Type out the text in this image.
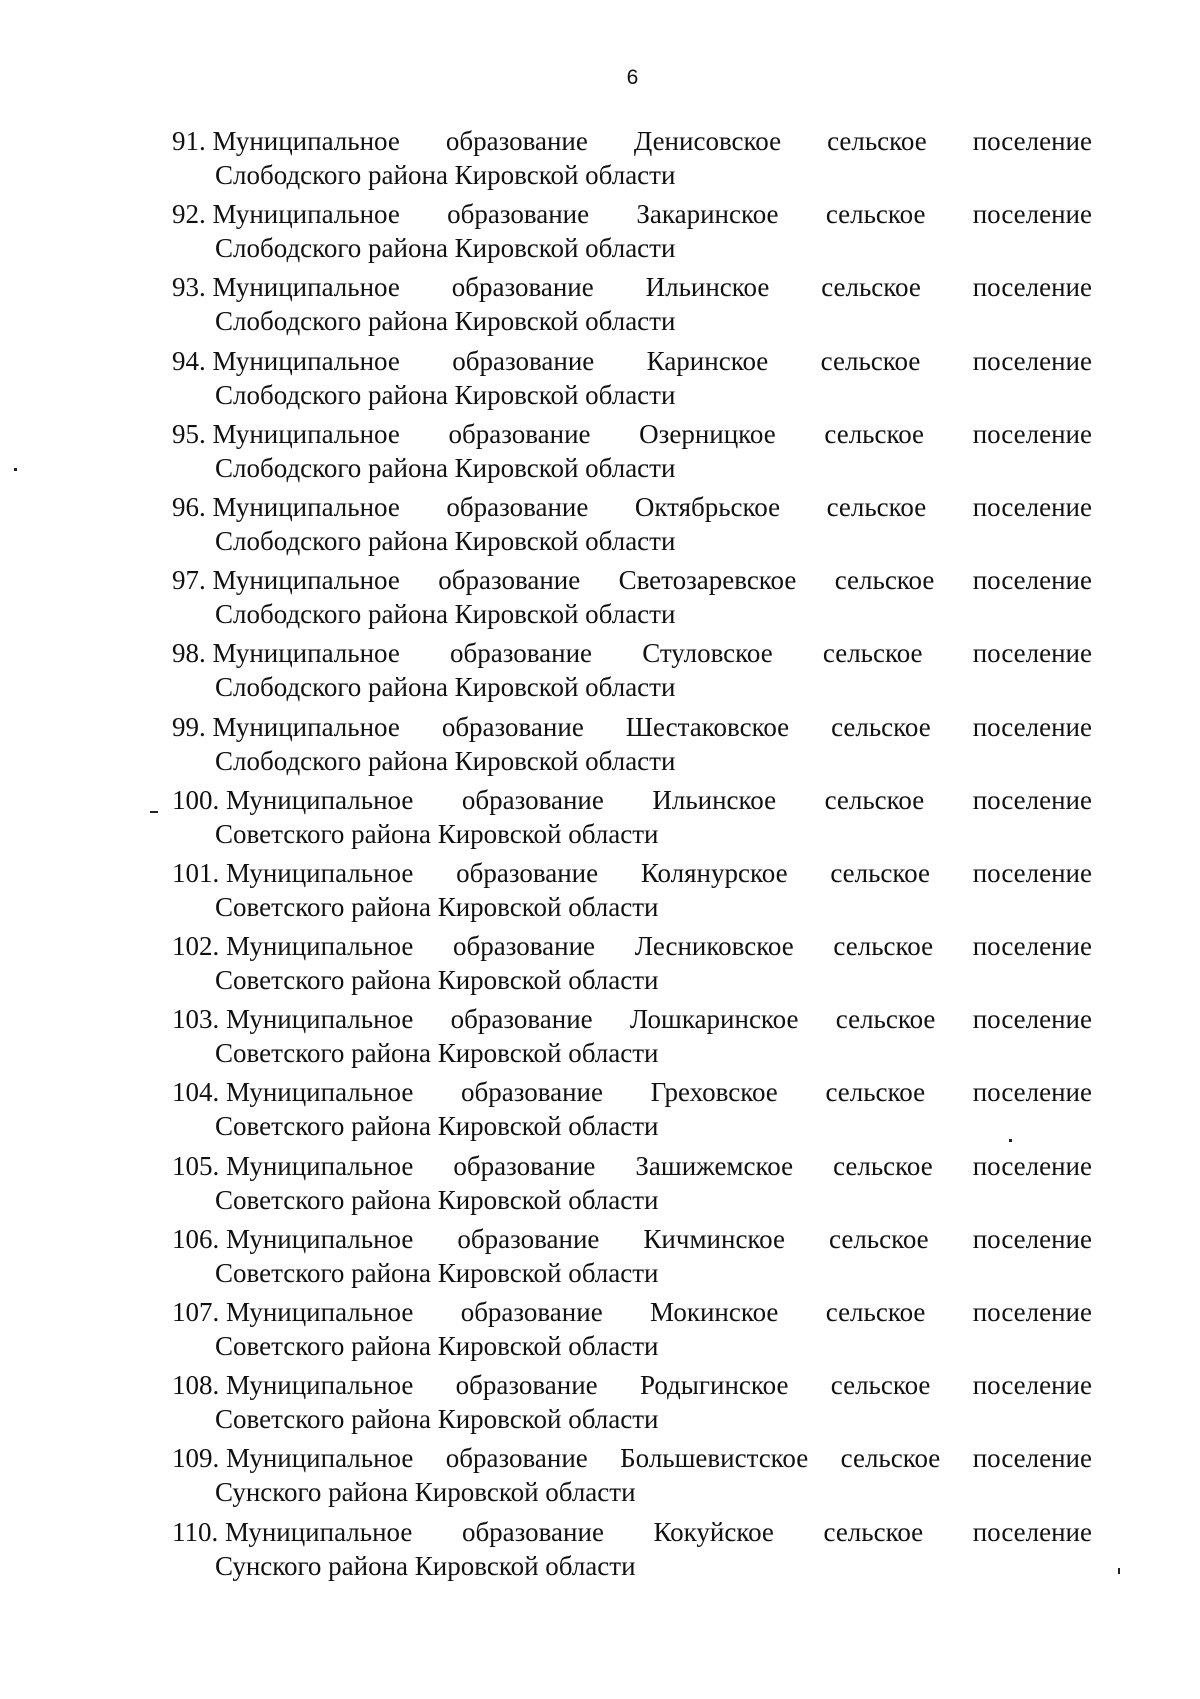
6
91. Муниципальное образование Денисовское сельское поселение
Слободского района Кировской области
92. Муниципальное образование Закаринское сельское поселение
Слободского района Кировской области
93. Муниципальное образование Ильинское сельское поселение
Слободского района Кировской области
94. Муниципальное образование Каринское сельское поселение
Слободского района Кировской области
95. Муниципальное образование Озерницкое сельское поселение
Слободского района Кировской области
96. Муниципальное образование Октябрьское сельское поселение
Слободского района Кировской области
97. Муниципальное образование Светозаревское сельское поселение
Слободского района Кировской области
98. Муниципальное образование Стуловское сельское поселение
Слободского района Кировской области
99. Муниципальное образование Шестаковское сельское поселение
Слободского района Кировской области
100. Муниципальное образование Ильинское сельское поселение
Советского района Кировской области
101. Муниципальное образование Колянурское сельское поселение
Советского района Кировской области
102. Муниципальное образование Лесниковское сельское поселение
Советского района Кировской области
103. Муниципальное образование Лошкаринское сельское поселение
Советского района Кировской области
104. Муниципальное образование Греховское сельское поселение
Советского района Кировской области
105. Муниципальное образование Зашижемское сельское поселение
Советского района Кировской области
106. Муниципальное образование Кичминское сельское поселение
Советского района Кировской области
107. Муниципальное образование Мокинское сельское поселение
Советского района Кировской области
108. Муниципальное образование Родыгинское сельское поселение
Советского района Кировской области
109. Муниципальное образование Большевистское сельское поселение
Сунского района Кировской области
110. Муниципальное образование Кокуйское сельское поселение
Сунского района Кировской области
